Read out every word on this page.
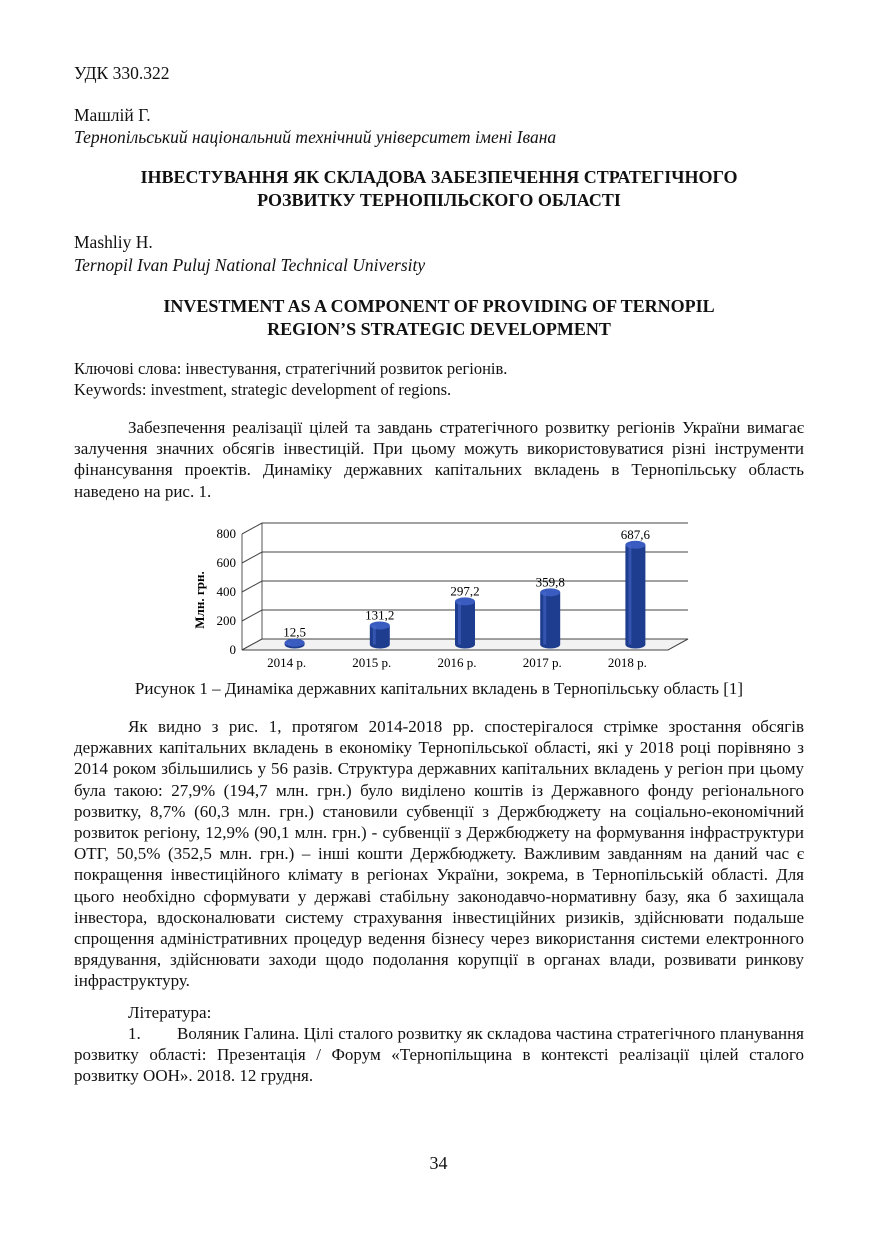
УДК 330.322
Машлій Г.
Тернопільський національний технічний університет імені Івана
ІНВЕСТУВАННЯ ЯК СКЛАДОВА ЗАБЕЗПЕЧЕННЯ СТРАТЕГІЧНОГО
РОЗВИТКУ ТЕРНОПІЛЬСКОГО ОБЛАСТІ
Mashliy H.
Ternopil Ivan Puluj National Technical University
INVESTMENT AS A COMPONENT OF PROVIDING OF TERNOPIL
REGION’S STRATEGIC DEVELOPMENT
Ключові слова: інвестування, стратегічний розвиток регіонів.
Keywords: investment, strategic development of regions.
Забезпечення реалізації цілей та завдань стратегічного розвитку регіонів України вимагає залучення значних обсягів інвестицій. При цьому можуть використовуватися різні інструменти фінансування проектів. Динаміку державних капітальних вкладень в Тернопільську область наведено на рис. 1.
0
200
400
600
800
2014 р.	2015 р.	2016 р.	2017 р.	2018 р.
12,5
131,2
297,2
359,8
687,6
Млн. грн.
Рисунок 1 – Динаміка державних капітальних вкладень в Тернопільську область [1]
Як видно з рис. 1, протягом 2014-2018 рр. спостерігалося стрімке зростання обсягів державних капітальних вкладень в економіку Тернопільської області, які у 2018 році порівняно з 2014 роком збільшились у 56 разів. Структура державних капітальних вкладень у регіон при цьому була такою: 27,9% (194,7 млн. грн.) було виділено коштів із Державного фонду регіонального розвитку, 8,7% (60,3 млн. грн.) становили субвенції з Держбюджету на соціально-економічний розвиток регіону, 12,9% (90,1 млн. грн.) - субвенції з Держбюджету на формування інфраструктури ОТГ, 50,5% (352,5 млн. грн.) – інші кошти Держбюджету. Важливим завданням на даний час є покращення інвестиційного клімату в регіонах України, зокрема, в Тернопільській області. Для цього необхідно сформувати у державі стабільну законодавчо-нормативну базу, яка б захищала інвестора, вдосконалювати систему страхування інвестиційних ризиків, здійснювати подальше спрощення адміністративних процедур ведення бізнесу через використання системи електронного врядування, здійснювати заходи щодо подолання корупції в органах влади, розвивати ринкову інфраструктуру.
Література:
1. Воляник Галина. Цілі сталого розвитку як складова частина стратегічного планування розвитку області: Презентація / Форум «Тернопільщина в контексті реалізації цілей сталого розвитку ООН». 2018. 12 грудня.
34
